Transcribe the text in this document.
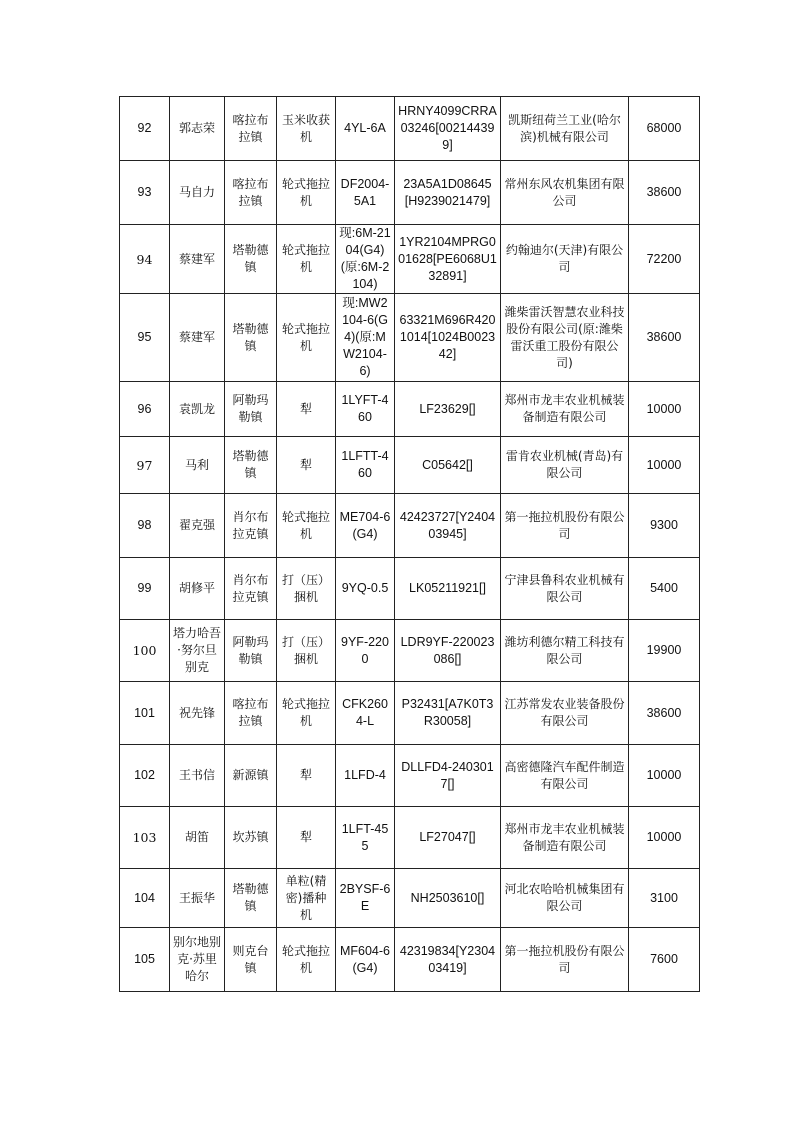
92	郭志荣	喀拉布拉镇	玉米收获机	4YL-6A	HRNY4099CRRA03246[002144399]	凯斯纽荷兰工业(哈尔滨)机械有限公司	68000

93	马自力	喀拉布拉镇	轮式拖拉机	DF2004-5A1	23A5A1D08645[H9239021479]	常州东风农机集团有限公司	38600

94	蔡建军	塔勒德镇	轮式拖拉机	现:6M-2104(G4)(原:6M-2104)	1YR2104MPRG001628[PE6068U132891]	约翰迪尔(天津)有限公司	72200

95	蔡建军	塔勒德镇	轮式拖拉机	现:MW2104-6(G4)(原:MW2104-6)	63321M696R4201014[1024B002342]	潍柴雷沃智慧农业科技股份有限公司(原:潍柴雷沃重工股份有限公司)	38600

96	袁凯龙	阿勒玛勒镇	犁	1LYFT-460	LF23629[]	郑州市龙丰农业机械装备制造有限公司	10000

97	马利	塔勒德镇	犁	1LFTT-460	C05642[]	雷肯农业机械(青岛)有限公司	10000

98	翟克强	肖尔布拉克镇	轮式拖拉机	ME704-6(G4)	42423727[Y240403945]	第一拖拉机股份有限公司	9300

99	胡修平	肖尔布拉克镇	打（压）捆机	9YQ-0.5	LK05211921[]	宁津县鲁科农业机械有限公司	5400

100	塔力哈吾·努尔旦别克	阿勒玛勒镇	打（压）捆机	9YF-2200	LDR9YF-220023086[]	潍坊利德尔精工科技有限公司	19900

101	祝先锋	喀拉布拉镇	轮式拖拉机	CFK2604-L	P32431[A7K0T3R30058]	江苏常发农业装备股份有限公司	38600

102	王书信	新源镇	犁	1LFD-4	DLLFD4-2403017[]	高密德隆汽车配件制造有限公司	10000

103	胡笛	坎苏镇	犁	1LFT-455	LF27047[]	郑州市龙丰农业机械装备制造有限公司	10000

104	王振华	塔勒德镇	单粒(精密)播种机	2BYSF-6E	NH2503610[]	河北农哈哈机械集团有限公司	3100

105	别尔地别克·苏里哈尔	则克台镇	轮式拖拉机	MF604-6(G4)	42319834[Y230403419]	第一拖拉机股份有限公司	7600
